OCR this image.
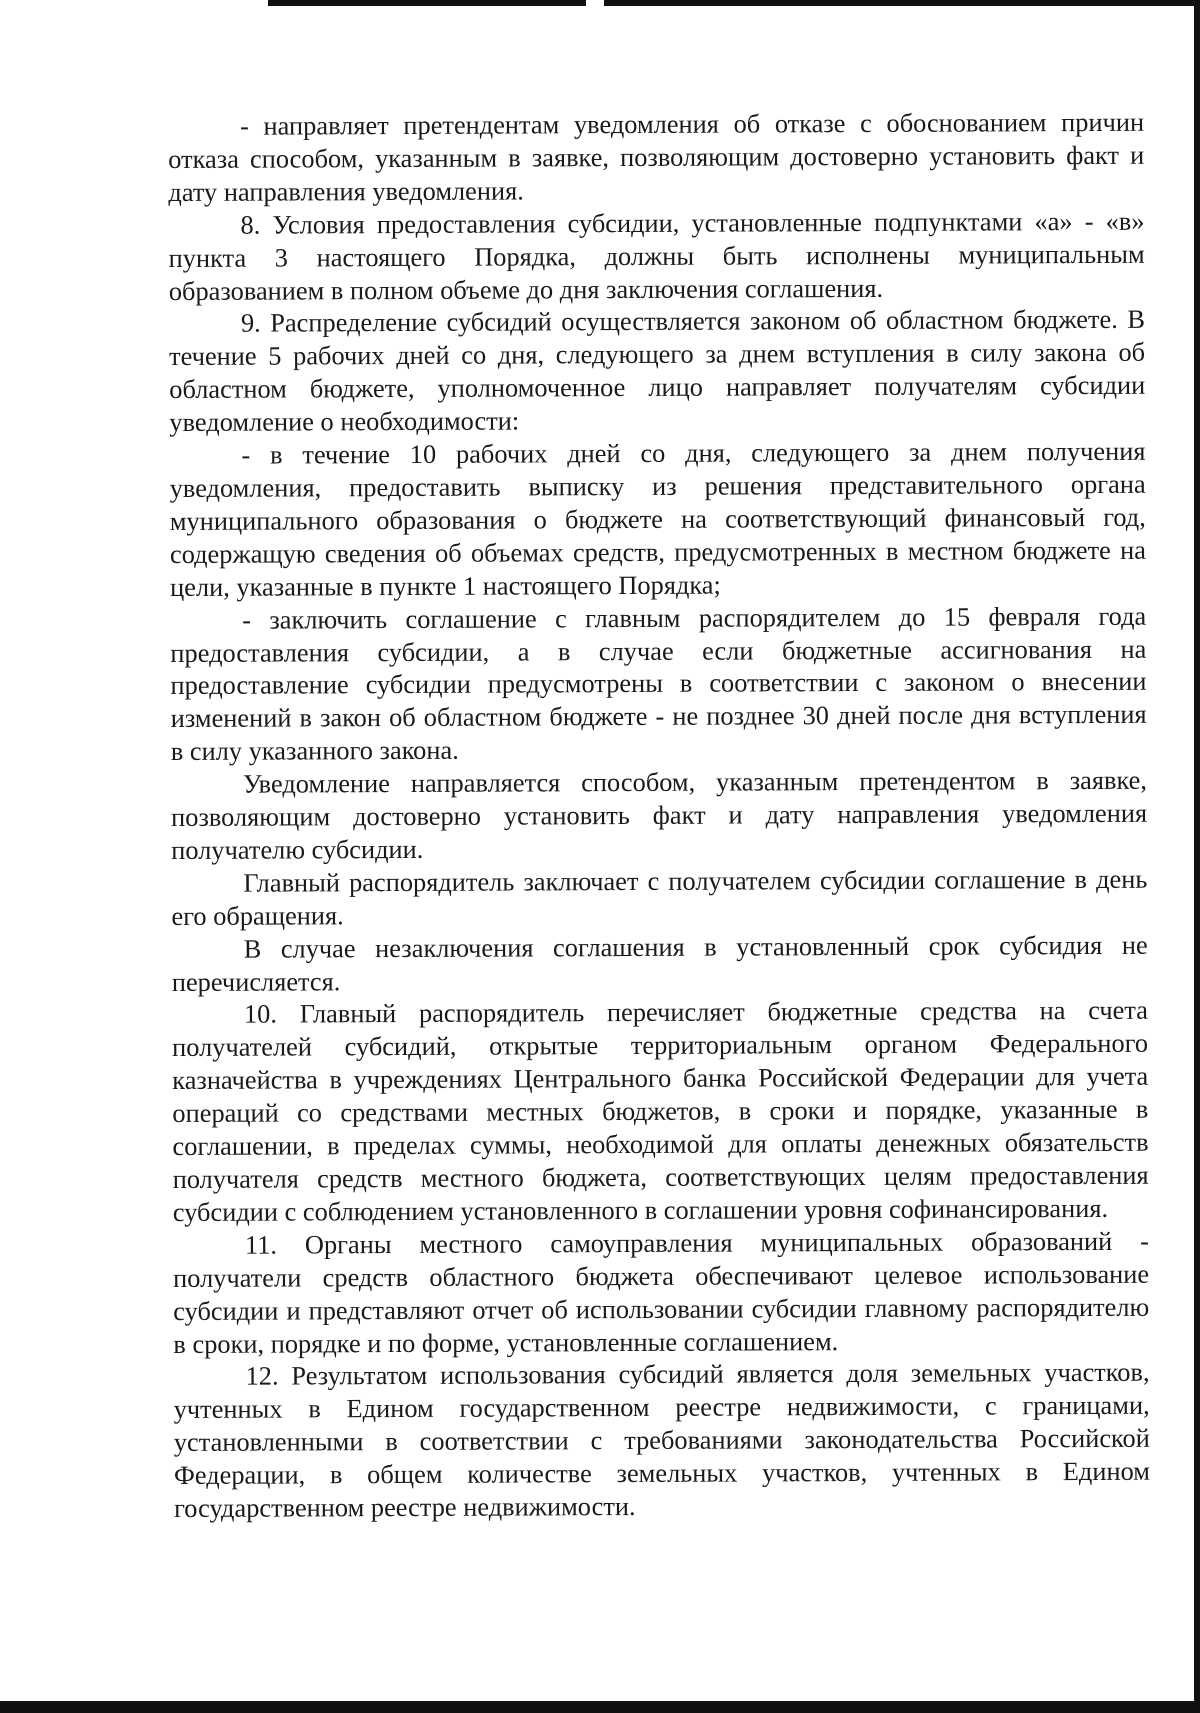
- направляет претендентам уведомления об отказе с обоснованием причин отказа способом, указанным в заявке, позволяющим достоверно установить факт и дату направления уведомления.

8. Условия предоставления субсидии, установленные подпунктами «а» - «в» пункта 3 настоящего Порядка, должны быть исполнены муниципальным образованием в полном объеме до дня заключения соглашения.

9. Распределение субсидий осуществляется законом об областном бюджете. В течение 5 рабочих дней со дня, следующего за днем вступления в силу закона об областном бюджете, уполномоченное лицо направляет получателям субсидии уведомление о необходимости:

- в течение 10 рабочих дней со дня, следующего за днем получения уведомления, предоставить выписку из решения представительного органа муниципального образования о бюджете на соответствующий финансовый год, содержащую сведения об объемах средств, предусмотренных в местном бюджете на цели, указанные в пункте 1 настоящего Порядка;

- заключить соглашение с главным распорядителем до 15 февраля года предоставления субсидии, а в случае если бюджетные ассигнования на предоставление субсидии предусмотрены в соответствии с законом о внесении изменений в закон об областном бюджете - не позднее 30 дней после дня вступления в силу указанного закона.

Уведомление направляется способом, указанным претендентом в заявке, позволяющим достоверно установить факт и дату направления уведомления получателю субсидии.

Главный распорядитель заключает с получателем субсидии соглашение в день его обращения.

В случае незаключения соглашения в установленный срок субсидия не перечисляется.

10. Главный распорядитель перечисляет бюджетные средства на счета получателей субсидий, открытые территориальным органом Федерального казначейства в учреждениях Центрального банка Российской Федерации для учета операций со средствами местных бюджетов, в сроки и порядке, указанные в соглашении, в пределах суммы, необходимой для оплаты денежных обязательств получателя средств местного бюджета, соответствующих целям предоставления субсидии с соблюдением установленного в соглашении уровня софинансирования.

11. Органы местного самоуправления муниципальных образований - получатели средств областного бюджета обеспечивают целевое использование субсидии и представляют отчет об использовании субсидии главному распорядителю в сроки, порядке и по форме, установленные соглашением.

12. Результатом использования субсидий является доля земельных участков, учтенных в Едином государственном реестре недвижимости, с границами, установленными в соответствии с требованиями законодательства Российской Федерации, в общем количестве земельных участков, учтенных в Едином государственном реестре недвижимости.
